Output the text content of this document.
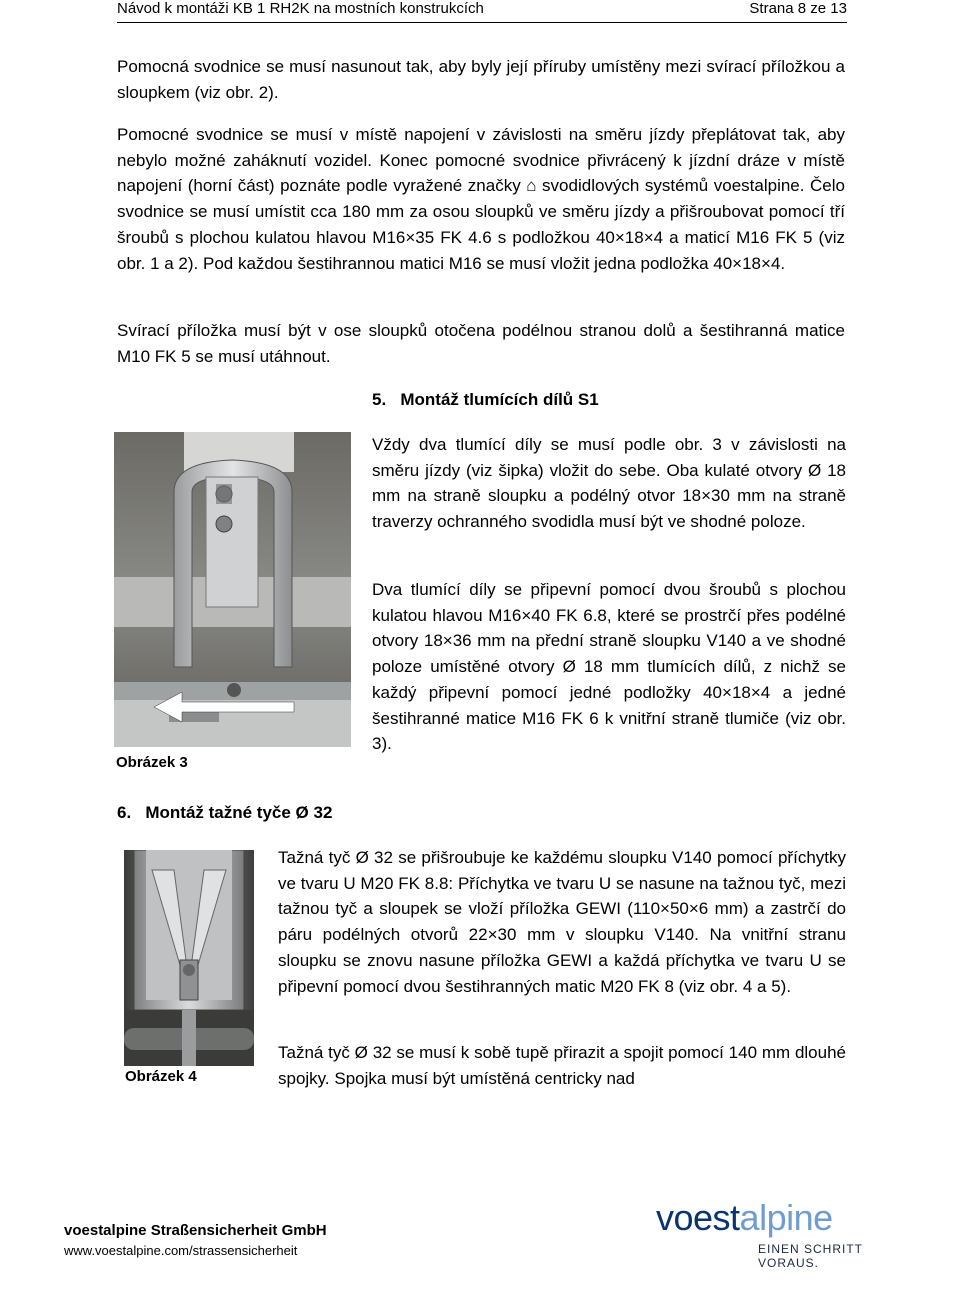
Návod k montáži KB 1 RH2K na mostních konstrukcích	Strana 8 ze 13

Pomocná svodnice se musí nasunout tak, aby byly její příruby umístěny mezi svírací příložkou a sloupkem (viz obr. 2).

Pomocné svodnice se musí v místě napojení v závislosti na směru jízdy přeplátovat tak, aby nebylo možné zaháknutí vozidel. Konec pomocné svodnice přivrácený k jízdní dráze v místě napojení (horní část) poznáte podle vyražené značky ⌂ svodidlových systémů voestalpine. Čelo svodnice se musí umístit cca 180 mm za osou sloupků ve směru jízdy a přišroubovat pomocí tří šroubů s plochou kulatou hlavou M16×35 FK 4.6 s podložkou 40×18×4 a maticí M16 FK 5 (viz obr. 1 a 2). Pod každou šestihrannou matici M16 se musí vložit jedna podložka 40×18×4.

Svírací příložka musí být v ose sloupků otočena podélnou stranou dolů a šestihranná matice M10 FK 5 se musí utáhnout.

5.   Montáž tlumících dílů S1

Vždy dva tlumící díly se musí podle obr. 3 v závislosti na směru jízdy (viz šipka) vložit do sebe. Oba kulaté otvory Ø 18 mm na straně sloupku a podélný otvor 18×30 mm na straně traverzy ochranného svodidla musí být ve shodné poloze.

Dva tlumící díly se připevní pomocí dvou šroubů s plochou kulatou hlavou M16×40 FK 6.8, které se prostrčí přes podélné otvory 18×36 mm na přední straně sloupku V140 a ve shodné poloze umístěné otvory Ø 18 mm tlumících dílů, z nichž se každý připevní pomocí jedné podložky 40×18×4 a jedné šestihranné matice M16 FK 6 k vnitřní straně tlumiče (viz obr. 3).

Obrázek 3
6.   Montáž tažné tyče Ø 32

Tažná tyč Ø 32 se přišroubuje ke každému sloupku V140 pomocí příchytky ve tvaru U M20 FK 8.8: Příchytka ve tvaru U se nasune na tažnou tyč, mezi tažnou tyč a sloupek se vloží příložka GEWI (110×50×6 mm) a zastrčí do páru podélných otvorů 22×30 mm v sloupku V140. Na vnitřní stranu sloupku se znovu nasune příložka GEWI a každá příchytka ve tvaru U se připevní pomocí dvou šestihranných matic M20 FK 8 (viz obr. 4 a 5).

Tažná tyč Ø 32 se musí k sobě tupě přirazit a spojit pomocí 140 mm dlouhé spojky. Spojka musí být umístěná centricky nad

Obrázek 4
voestalpine Straßensicherheit GmbH
www.voestalpine.com/strassensicherheit
voestalpine
EINEN SCHRITT VORAUS.
